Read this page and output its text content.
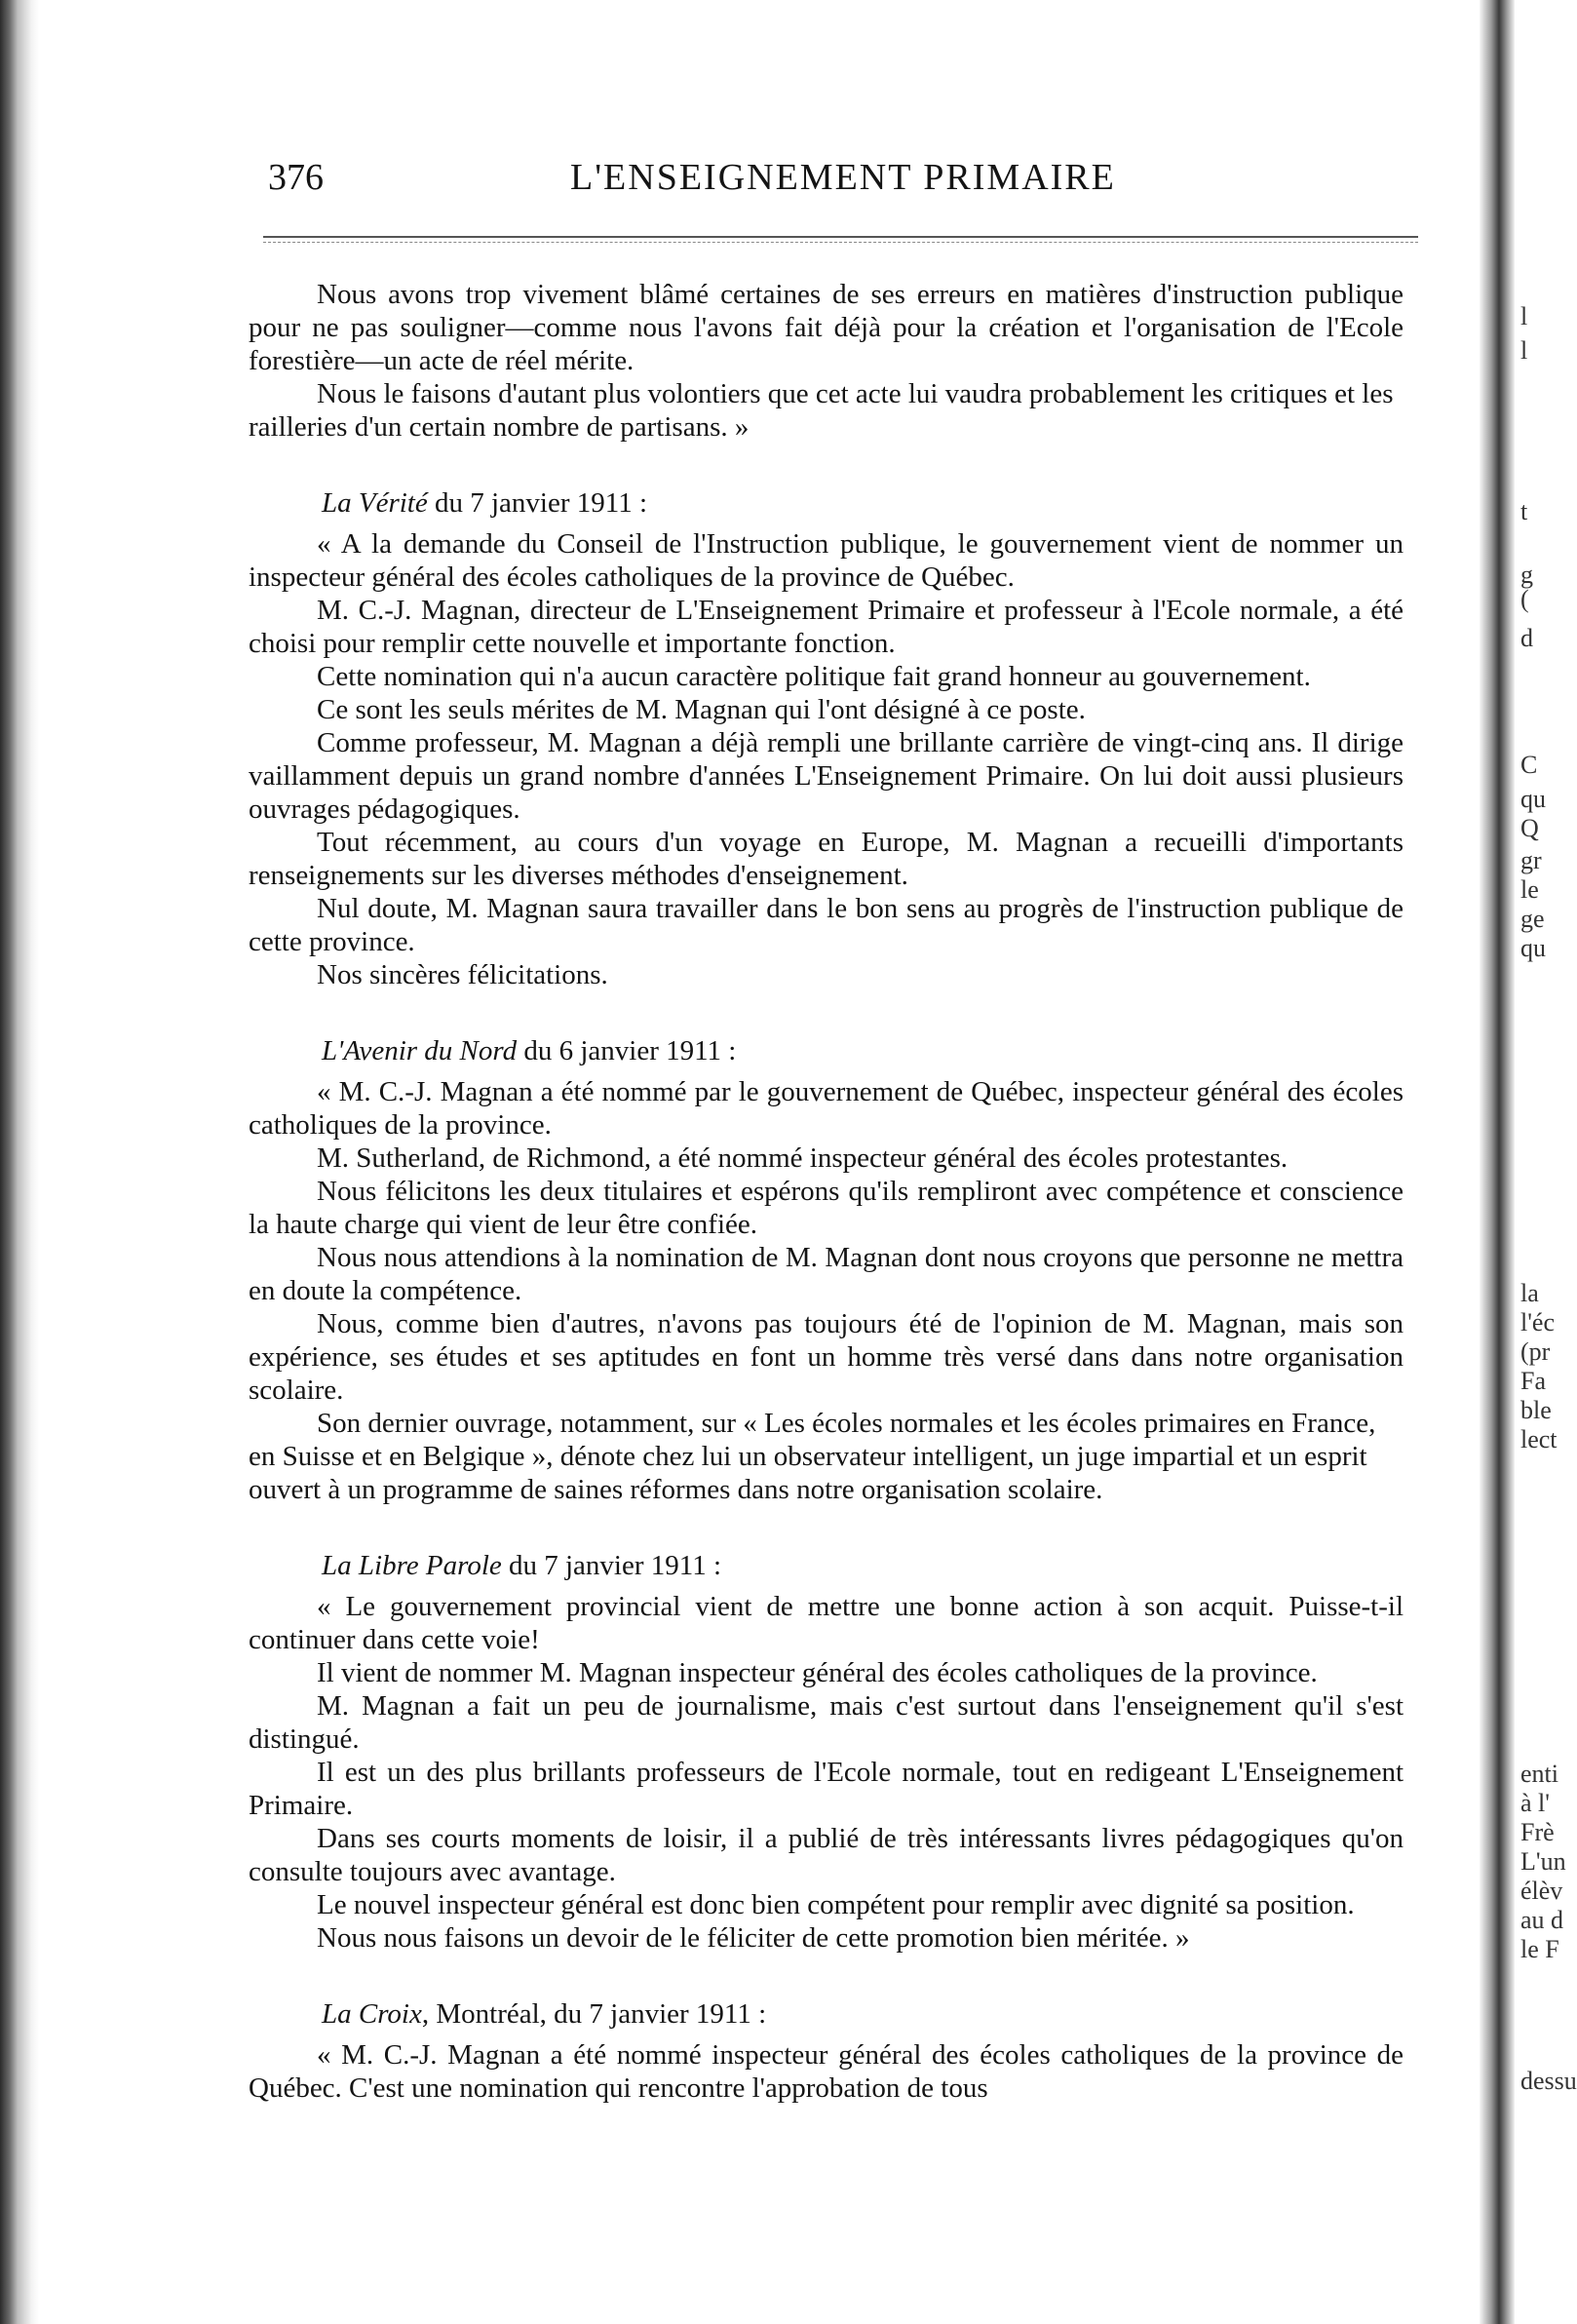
376	L'ENSEIGNEMENT PRIMAIRE

Nous avons trop vivement blâmé certaines de ses erreurs en matières d'instruction publique pour ne pas souligner—comme nous l'avons fait déjà pour la création et l'organisation de l'Ecole forestière—un acte de réel mérite.

Nous le faisons d'autant plus volontiers que cet acte lui vaudra probablement les critiques et les railleries d'un certain nombre de partisans. »

La Vérité du 7 janvier 1911 :

« A la demande du Conseil de l'Instruction publique, le gouvernement vient de nommer un inspecteur général des écoles catholiques de la province de Québec.

M. C.-J. Magnan, directeur de L'Enseignement Primaire et professeur à l'Ecole normale, a été choisi pour remplir cette nouvelle et importante fonction.

Cette nomination qui n'a aucun caractère politique fait grand honneur au gouvernement.

Ce sont les seuls mérites de M. Magnan qui l'ont désigné à ce poste.

Comme professeur, M. Magnan a déjà rempli une brillante carrière de vingt-cinq ans. Il dirige vaillamment depuis un grand nombre d'années L'Enseignement Primaire. On lui doit aussi plusieurs ouvrages pédagogiques.

Tout récemment, au cours d'un voyage en Europe, M. Magnan a recueilli d'importants renseignements sur les diverses méthodes d'enseignement.

Nul doute, M. Magnan saura travailler dans le bon sens au progrès de l'instruction publique de cette province.

Nos sincères félicitations.

L'Avenir du Nord du 6 janvier 1911 :

« M. C.-J. Magnan a été nommé par le gouvernement de Québec, inspecteur général des écoles catholiques de la province.

M. Sutherland, de Richmond, a été nommé inspecteur général des écoles protestantes.

Nous félicitons les deux titulaires et espérons qu'ils rempliront avec compétence et conscience la haute charge qui vient de leur être confiée.

Nous nous attendions à la nomination de M. Magnan dont nous croyons que personne ne mettra en doute la compétence.

Nous, comme bien d'autres, n'avons pas toujours été de l'opinion de M. Magnan, mais son expérience, ses études et ses aptitudes en font un homme très versé dans dans notre organisation scolaire.

Son dernier ouvrage, notamment, sur « Les écoles normales et les écoles primaires en France, en Suisse et en Belgique », dénote chez lui un observateur intelligent, un juge impartial et un esprit ouvert à un programme de saines réformes dans notre organisation scolaire.

La Libre Parole du 7 janvier 1911 :

« Le gouvernement provincial vient de mettre une bonne action à son acquit. Puisse-t-il continuer dans cette voie!

Il vient de nommer M. Magnan inspecteur général des écoles catholiques de la province.

M. Magnan a fait un peu de journalisme, mais c'est surtout dans l'enseignement qu'il s'est distingué.

Il est un des plus brillants professeurs de l'Ecole normale, tout en redigeant L'Enseignement Primaire.

Dans ses courts moments de loisir, il a publié de très intéressants livres pédagogiques qu'on consulte toujours avec avantage.

Le nouvel inspecteur général est donc bien compétent pour remplir avec dignité sa position.

Nous nous faisons un devoir de le féliciter de cette promotion bien méritée. »

La Croix, Montréal, du 7 janvier 1911 :

« M. C.-J. Magnan a été nommé inspecteur général des écoles catholiques de la province de Québec. C'est une nomination qui rencontre l'approbation de tous

l
l
t
g
(
d
C
qu
Q
gr
le
ge
qu
la
l'éc
(pr
Fa
ble
lect
enti
à l'
Frè
L'un
élèv
au d
le F
dessu
